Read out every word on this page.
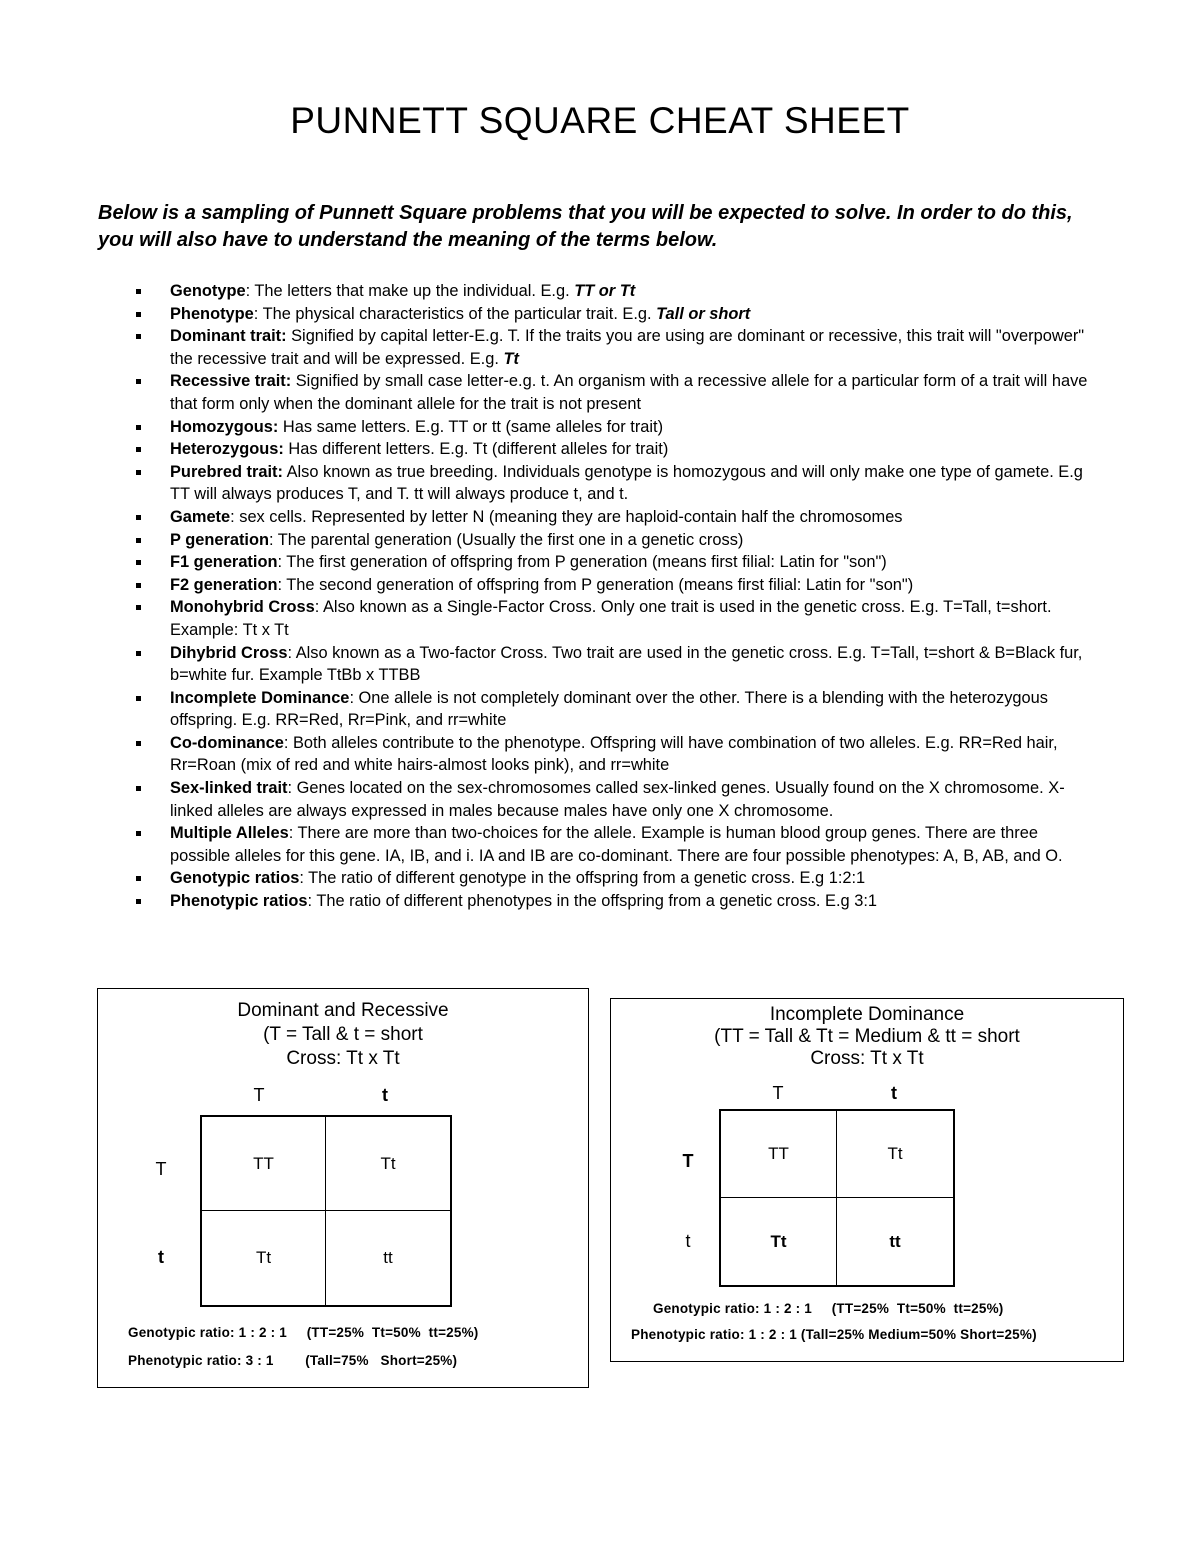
PUNNETT SQUARE CHEAT SHEET

Below is a sampling of Punnett Square problems that you will be expected to solve. In order to do this, you will also have to understand the meaning of the terms below.

Genotype: The letters that make up the individual. E.g. TT or Tt
Phenotype: The physical characteristics of the particular trait. E.g. Tall or short
Dominant trait: Signified by capital letter-E.g. T. If the traits you are using are dominant or recessive, this trait will "overpower" the recessive trait and will be expressed. E.g. Tt
Recessive trait: Signified by small case letter-e.g. t. An organism with a recessive allele for a particular form of a trait will have that form only when the dominant allele for the trait is not present
Homozygous: Has same letters. E.g. TT or tt (same alleles for trait)
Heterozygous: Has different letters. E.g. Tt (different alleles for trait)
Purebred trait: Also known as true breeding. Individuals genotype is homozygous and will only make one type of gamete. E.g TT will always produces T, and T. tt will always produce t, and t.
Gamete: sex cells. Represented by letter N (meaning they are haploid-contain half the chromosomes
P generation: The parental generation (Usually the first one in a genetic cross)
F1 generation: The first generation of offspring from P generation (means first filial: Latin for "son")
F2 generation: The second generation of offspring from P generation (means first filial: Latin for "son")
Monohybrid Cross: Also known as a Single-Factor Cross. Only one trait is used in the genetic cross. E.g. T=Tall, t=short. Example: Tt x Tt
Dihybrid Cross: Also known as a Two-factor Cross. Two trait are used in the genetic cross. E.g. T=Tall, t=short & B=Black fur, b=white fur. Example TtBb x TTBB
Incomplete Dominance: One allele is not completely dominant over the other. There is a blending with the heterozygous offspring. E.g. RR=Red, Rr=Pink, and rr=white
Co-dominance: Both alleles contribute to the phenotype. Offspring will have combination of two alleles. E.g. RR=Red hair, Rr=Roan (mix of red and white hairs-almost looks pink), and rr=white
Sex-linked trait: Genes located on the sex-chromosomes called sex-linked genes. Usually found on the X chromosome. X-linked alleles are always expressed in males because males have only one X chromosome.
Multiple Alleles: There are more than two-choices for the allele. Example is human blood group genes. There are three possible alleles for this gene. IA, IB, and i. IA and IB are co-dominant. There are four possible phenotypes: A, B, AB, and O.
Genotypic ratios: The ratio of different genotype in the offspring from a genetic cross. E.g 1:2:1
Phenotypic ratios: The ratio of different phenotypes in the offspring from a genetic cross. E.g 3:1
Dominant and Recessive
(T = Tall & t = short
Cross: Tt x Tt
T	t
T
t
TT	Tt
Tt	tt
Genotypic ratio: 1 : 2 : 1     (TT=25%  Tt=50%  tt=25%)
Phenotypic ratio: 3 : 1        (Tall=75%   Short=25%)
Incomplete Dominance
(TT = Tall & Tt = Medium & tt = short
Cross: Tt x Tt
T	t
T
t
TT	Tt
Tt	tt
Genotypic ratio: 1 : 2 : 1     (TT=25%  Tt=50%  tt=25%)
Phenotypic ratio: 1 : 2 : 1 (Tall=25% Medium=50% Short=25%)
